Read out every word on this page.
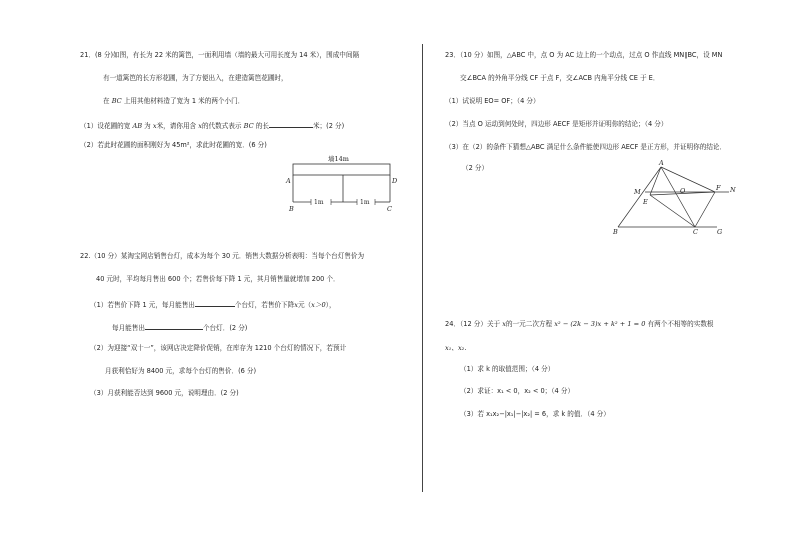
21．(8 分)如图，有长为 22 米的篱笆，一面利用墙（墙的最大可用长度为 14 米），围成中间隔
有一道篱笆的长方形花圃，为了方便出入，在建造篱笆花圃时，
在 BC 上用其他材料造了宽为 1 米的两个小门．
（1）设花圃的宽 AB 为 x米，请你用含 x的代数式表示 BC 的长	米；(2 分)
（2）若此时花圃的面积刚好为 45m²，求此时花圃的宽．(6 分)
墙14m
1m	1m
A	D
B	C
22.（10 分）某淘宝网店销售台灯，成本为每个 30 元．销售大数据分析表明：当每个台灯售价为
40 元时，平均每月售出 600 个；若售价每下降 1 元，其月销售量就增加 200 个．
（1）若售价下降 1 元，每月能售出	个台灯，若售价下降x元（x＞0），
每月能售出	个台灯．(2 分)
（2）为迎接“双十一”，该网店决定降价促销，在库存为 1210 个台灯的情况下，若预计
月获利恰好为 8400 元，求每个台灯的售价．(6 分)
（3）月获利能否达到 9600 元，说明理由．(2 分)
23．（10 分）如图，△ABC 中，点 O 为 AC 边上的一个动点，过点 O 作直线 MN∥BC，设 MN
交∠BCA 的外角平分线 CF 于点 F，交∠ACB 内角平分线 CE 于 E．
（1）试说明 EO= OF；（4 分）
（2）当点 O 运动到何处时，四边形 AECF 是矩形并证明你的结论；（4 分）
（3）在（2）的条件下猜想△ABC 满足什么条件能使四边形 AECF 是正方形，并证明你的结论．
（2 分）
A
M	O	F N
E
B	C	G
24．（12 分）关于 x的一元二次方程 x² − (2k − 3)x + k² + 1 = 0 有两个不相等的实数根
x₁、x₂．
（1）求 k 的取值范围；（4 分）
（2）求证：x₁ < 0，x₂ < 0；（4 分）
（3）若 x₁x₂−|x₁|−|x₂| = 6，求 k 的值．（4 分）
